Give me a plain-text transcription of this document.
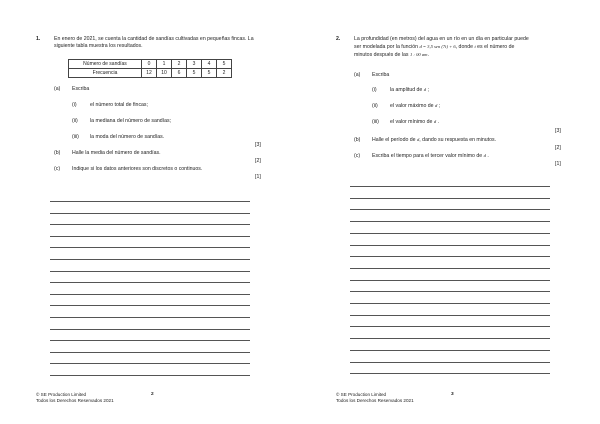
1.	En enero de 2021, se cuenta la cantidad de sandías cultivadas en pequeñas fincas. La siguiente tabla muestra los resultados.
Número de sandías	0	1	2	3	4	5
Frecuencia	12	10	6	5	5	2
(a) Escriba
(i)	el número total de fincas;
(ii) la mediana del número de sandías;
(iii) la moda del número de sandías.
[3]
(b) Halle la media del número de sandías.
[2]
(c) Indique si los datos anteriores son discretos o continuos.
[1]
© SE Production Limited
Todos los Derechos Reservados 2021
2
2.	La profundidad (en metros) del agua en un río en un día en particular puede
ser modelada por la función d = 3,5 sen (7t) + 6, donde t es el número de
minutos después de las 1 : 00 am.
(a) Escriba
(i)	la amplitud de d ;
(ii) el valor máximo de d ;
(iii) el valor mínimo de d .
[3]
(b) Halle el período de d, dando su respuesta en minutos.
[2]
(c) Escriba el tiempo para el tercer valor mínimo de d .
[1]
© SE Production Limited
Todos los Derechos Reservados 2021
3
